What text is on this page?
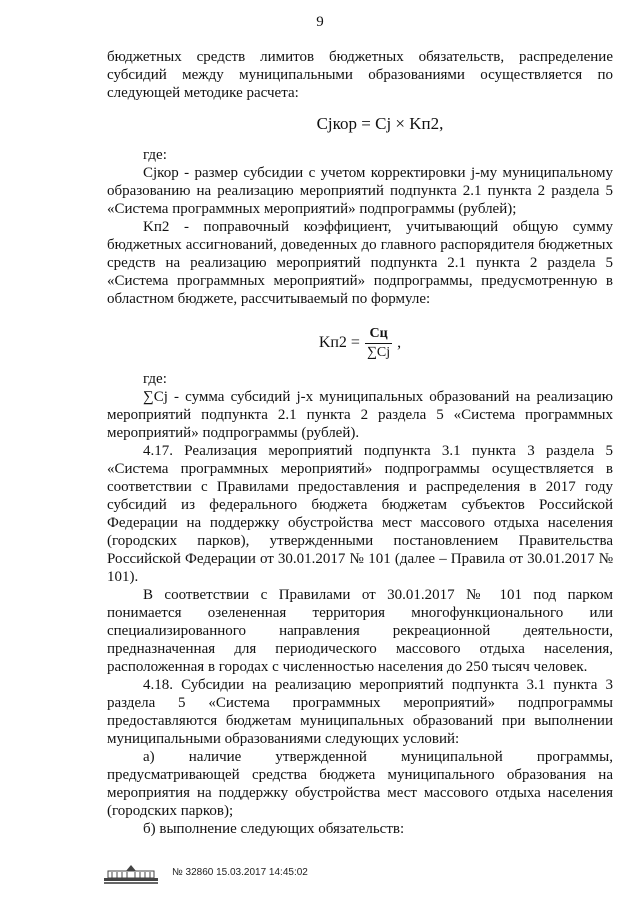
9

бюджетных средств лимитов бюджетных обязательств, распределение субсидий между муниципальными образованиями осуществляется по следующей методике расчета:

Cjкор = Cj × Kп2,

где:

Cjкор - размер субсидии с учетом корректировки j-му муниципальному образованию на реализацию мероприятий подпункта 2.1 пункта 2 раздела 5 «Система программных мероприятий» подпрограммы (рублей);

Kп2 - поправочный коэффициент, учитывающий общую сумму бюджетных ассигнований, доведенных до главного распорядителя бюджетных средств на реализацию мероприятий подпункта 2.1 пункта 2 раздела 5 «Система программных мероприятий» подпрограммы, предусмотренную в областном бюджете, рассчитываемый по формуле:

$Kп2 = \frac{Cц}{\sum Cj}$ ,

где:

∑Cj - сумма субсидий j-х муниципальных образований на реализацию мероприятий подпункта 2.1 пункта 2 раздела 5 «Система программных мероприятий» подпрограммы (рублей).

4.17. Реализация мероприятий подпункта 3.1 пункта 3 раздела 5 «Система программных мероприятий» подпрограммы осуществляется в соответствии с Правилами предоставления и распределения в 2017 году субсидий из федерального бюджета бюджетам субъектов Российской Федерации на поддержку обустройства мест массового отдыха населения (городских парков), утвержденными постановлением Правительства Российской Федерации от 30.01.2017 № 101 (далее – Правила от 30.01.2017 № 101).

В соответствии с Правилами от 30.01.2017 № 101 под парком понимается озелененная территория многофункционального или специализированного направления рекреационной деятельности, предназначенная для периодического массового отдыха населения, расположенная в городах с численностью населения до 250 тысяч человек.

4.18. Субсидии на реализацию мероприятий подпункта 3.1 пункта 3 раздела 5 «Система программных мероприятий» подпрограммы предоставляются бюджетам муниципальных образований при выполнении муниципальными образованиями следующих условий:

а) наличие утвержденной муниципальной программы, предусматривающей средства бюджета муниципального образования на мероприятия на поддержку обустройства мест массового отдыха населения (городских парков);

б) выполнение следующих обязательств:

№ 32860 15.03.2017 14:45:02
